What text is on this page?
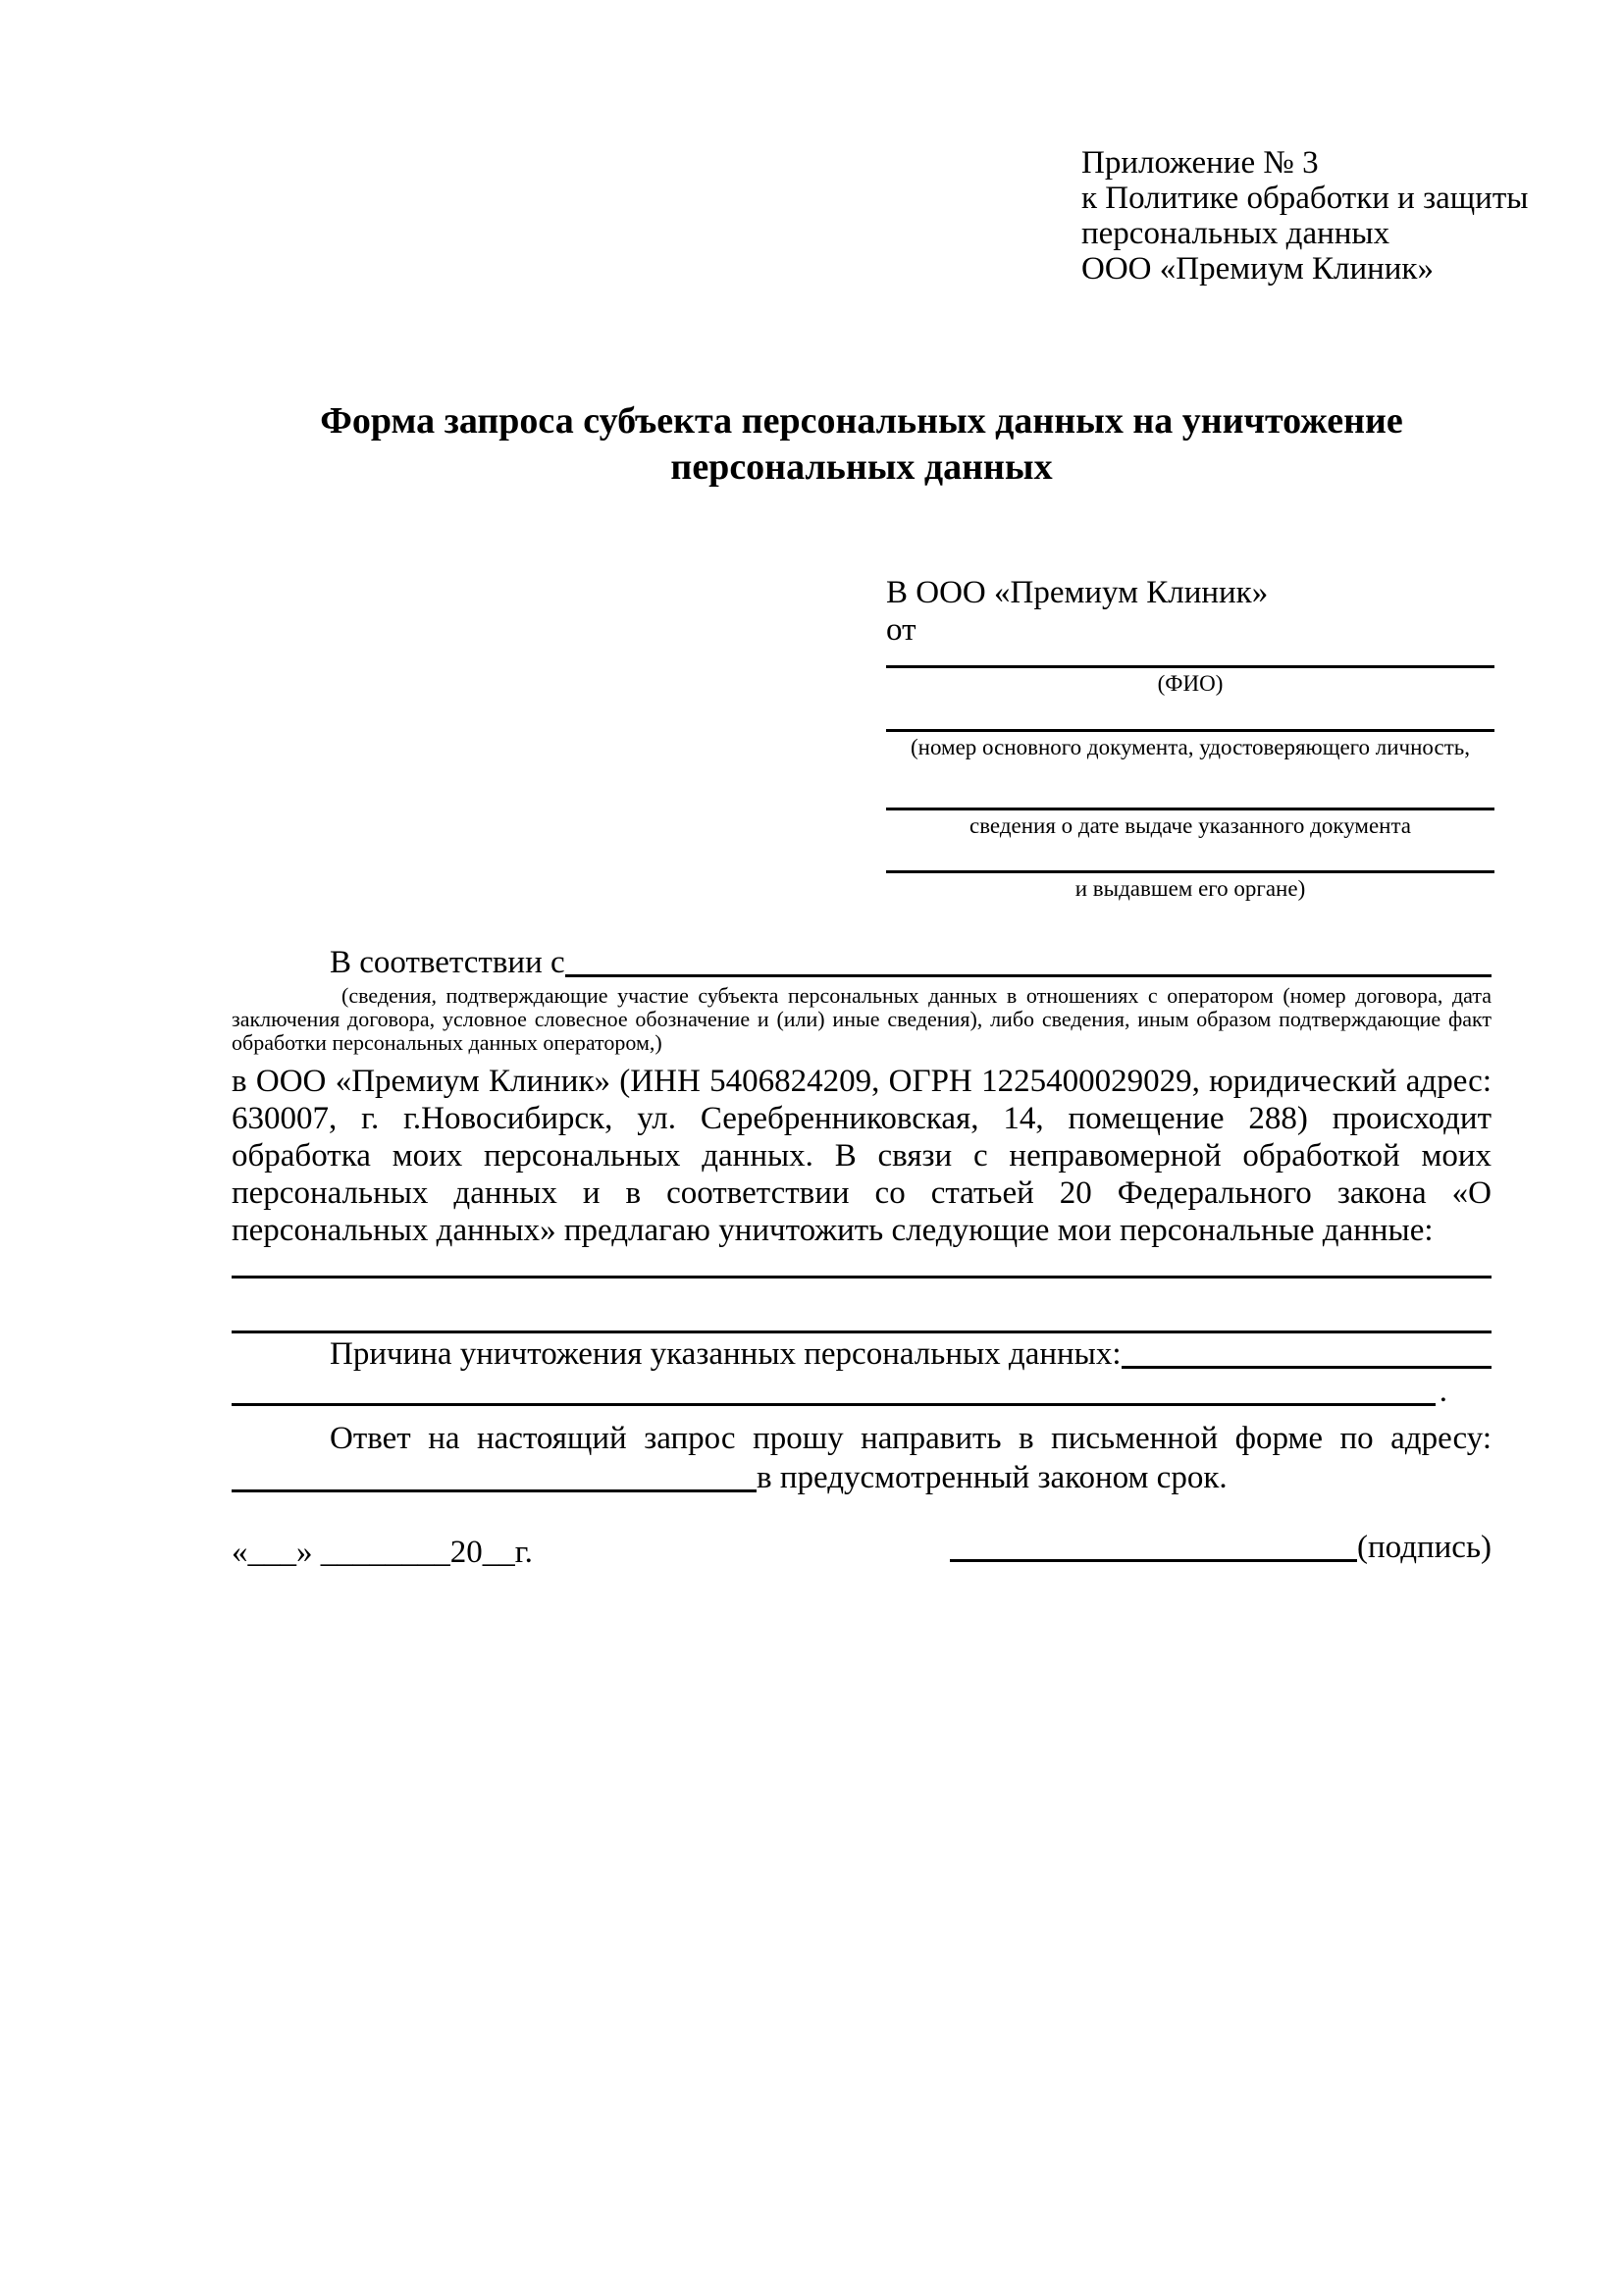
Приложение № 3
к Политике обработки и защиты
персональных данных
ООО «Премиум Клиник»
Форма запроса субъекта персональных данных на уничтожение персональных данных
В ООО «Премиум Клиник»
от
(ФИО)
(номер основного документа, удостоверяющего личность,
сведения о дате выдаче указанного документа
и выдавшем его органе)
В соответствии с

(сведения, подтверждающие участие субъекта персональных данных в отношениях с оператором (номер договора, дата заключения договора, условное словесное обозначение и (или) иные сведения), либо сведения, иным образом подтверждающие факт обработки персональных данных оператором,)

в ООО «Премиум Клиник» (ИНН 5406824209, ОГРН 1225400029029, юридический адрес: 630007, г. г.Новосибирск, ул. Серебренниковская, 14, помещение 288) происходит обработка моих персональных данных. В связи с неправомерной обработкой моих персональных данных и в соответствии со статьей 20 Федерального закона «О персональных данных» предлагаю уничтожить следующие мои персональные данные:

Причина уничтожения указанных персональных данных:
.

Ответ на настоящий запрос прошу направить в письменной форме по адресу:

в предусмотренный законом срок.
«___» ________20__г.	(подпись)
